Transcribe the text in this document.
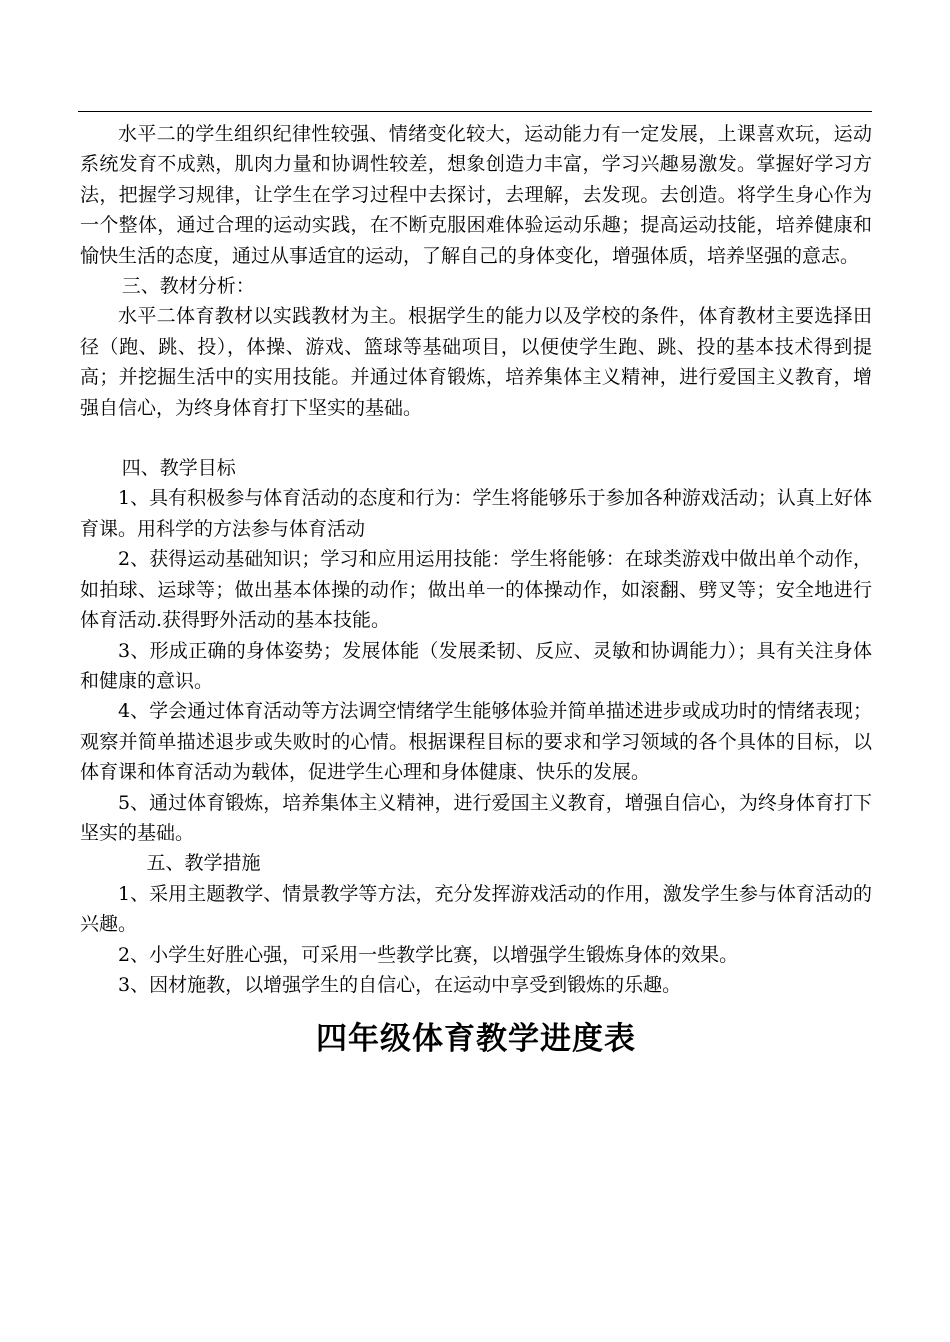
水平二的学生组织纪律性较强、情绪变化较大，运动能力有一定发展，上课喜欢玩，运动系统发育不成熟，肌肉力量和协调性较差，想象创造力丰富，学习兴趣易激发。掌握好学习方法，把握学习规律，让学生在学习过程中去探讨，去理解，去发现。去创造。将学生身心作为一个整体，通过合理的运动实践，在不断克服困难体验运动乐趣；提高运动技能，培养健康和愉快生活的态度，通过从事适宜的运动，了解自己的身体变化，增强体质，培养坚强的意志。

三、教材分析：

水平二体育教材以实践教材为主。根据学生的能力以及学校的条件，体育教材主要选择田径（跑、跳、投），体操、游戏、篮球等基础项目，以便使学生跑、跳、投的基本技术得到提高；并挖掘生活中的实用技能。并通过体育锻炼，培养集体主义精神，进行爱国主义教育，增强自信心，为终身体育打下坚实的基础。

四、教学目标

1、具有积极参与体育活动的态度和行为：学生将能够乐于参加各种游戏活动；认真上好体育课。用科学的方法参与体育活动

2、获得运动基础知识；学习和应用运用技能：学生将能够：在球类游戏中做出单个动作，如拍球、运球等；做出基本体操的动作；做出单一的体操动作，如滚翻、劈叉等；安全地进行体育活动.获得野外活动的基本技能。

3、形成正确的身体姿势；发展体能（发展柔韧、反应、灵敏和协调能力）；具有关注身体和健康的意识。

4、学会通过体育活动等方法调空情绪学生能够体验并简单描述进步或成功时的情绪表现；观察并简单描述退步或失败时的心情。根据课程目标的要求和学习领域的各个具体的目标，以体育课和体育活动为载体，促进学生心理和身体健康、快乐的发展。

5、通过体育锻炼，培养集体主义精神，进行爱国主义教育，增强自信心，为终身体育打下坚实的基础。

五、教学措施

1、采用主题教学、情景教学等方法，充分发挥游戏活动的作用，激发学生参与体育活动的兴趣。

2、小学生好胜心强，可采用一些教学比赛，以增强学生锻炼身体的效果。

3、因材施教，以增强学生的自信心，在运动中享受到锻炼的乐趣。

四年级体育教学进度表
